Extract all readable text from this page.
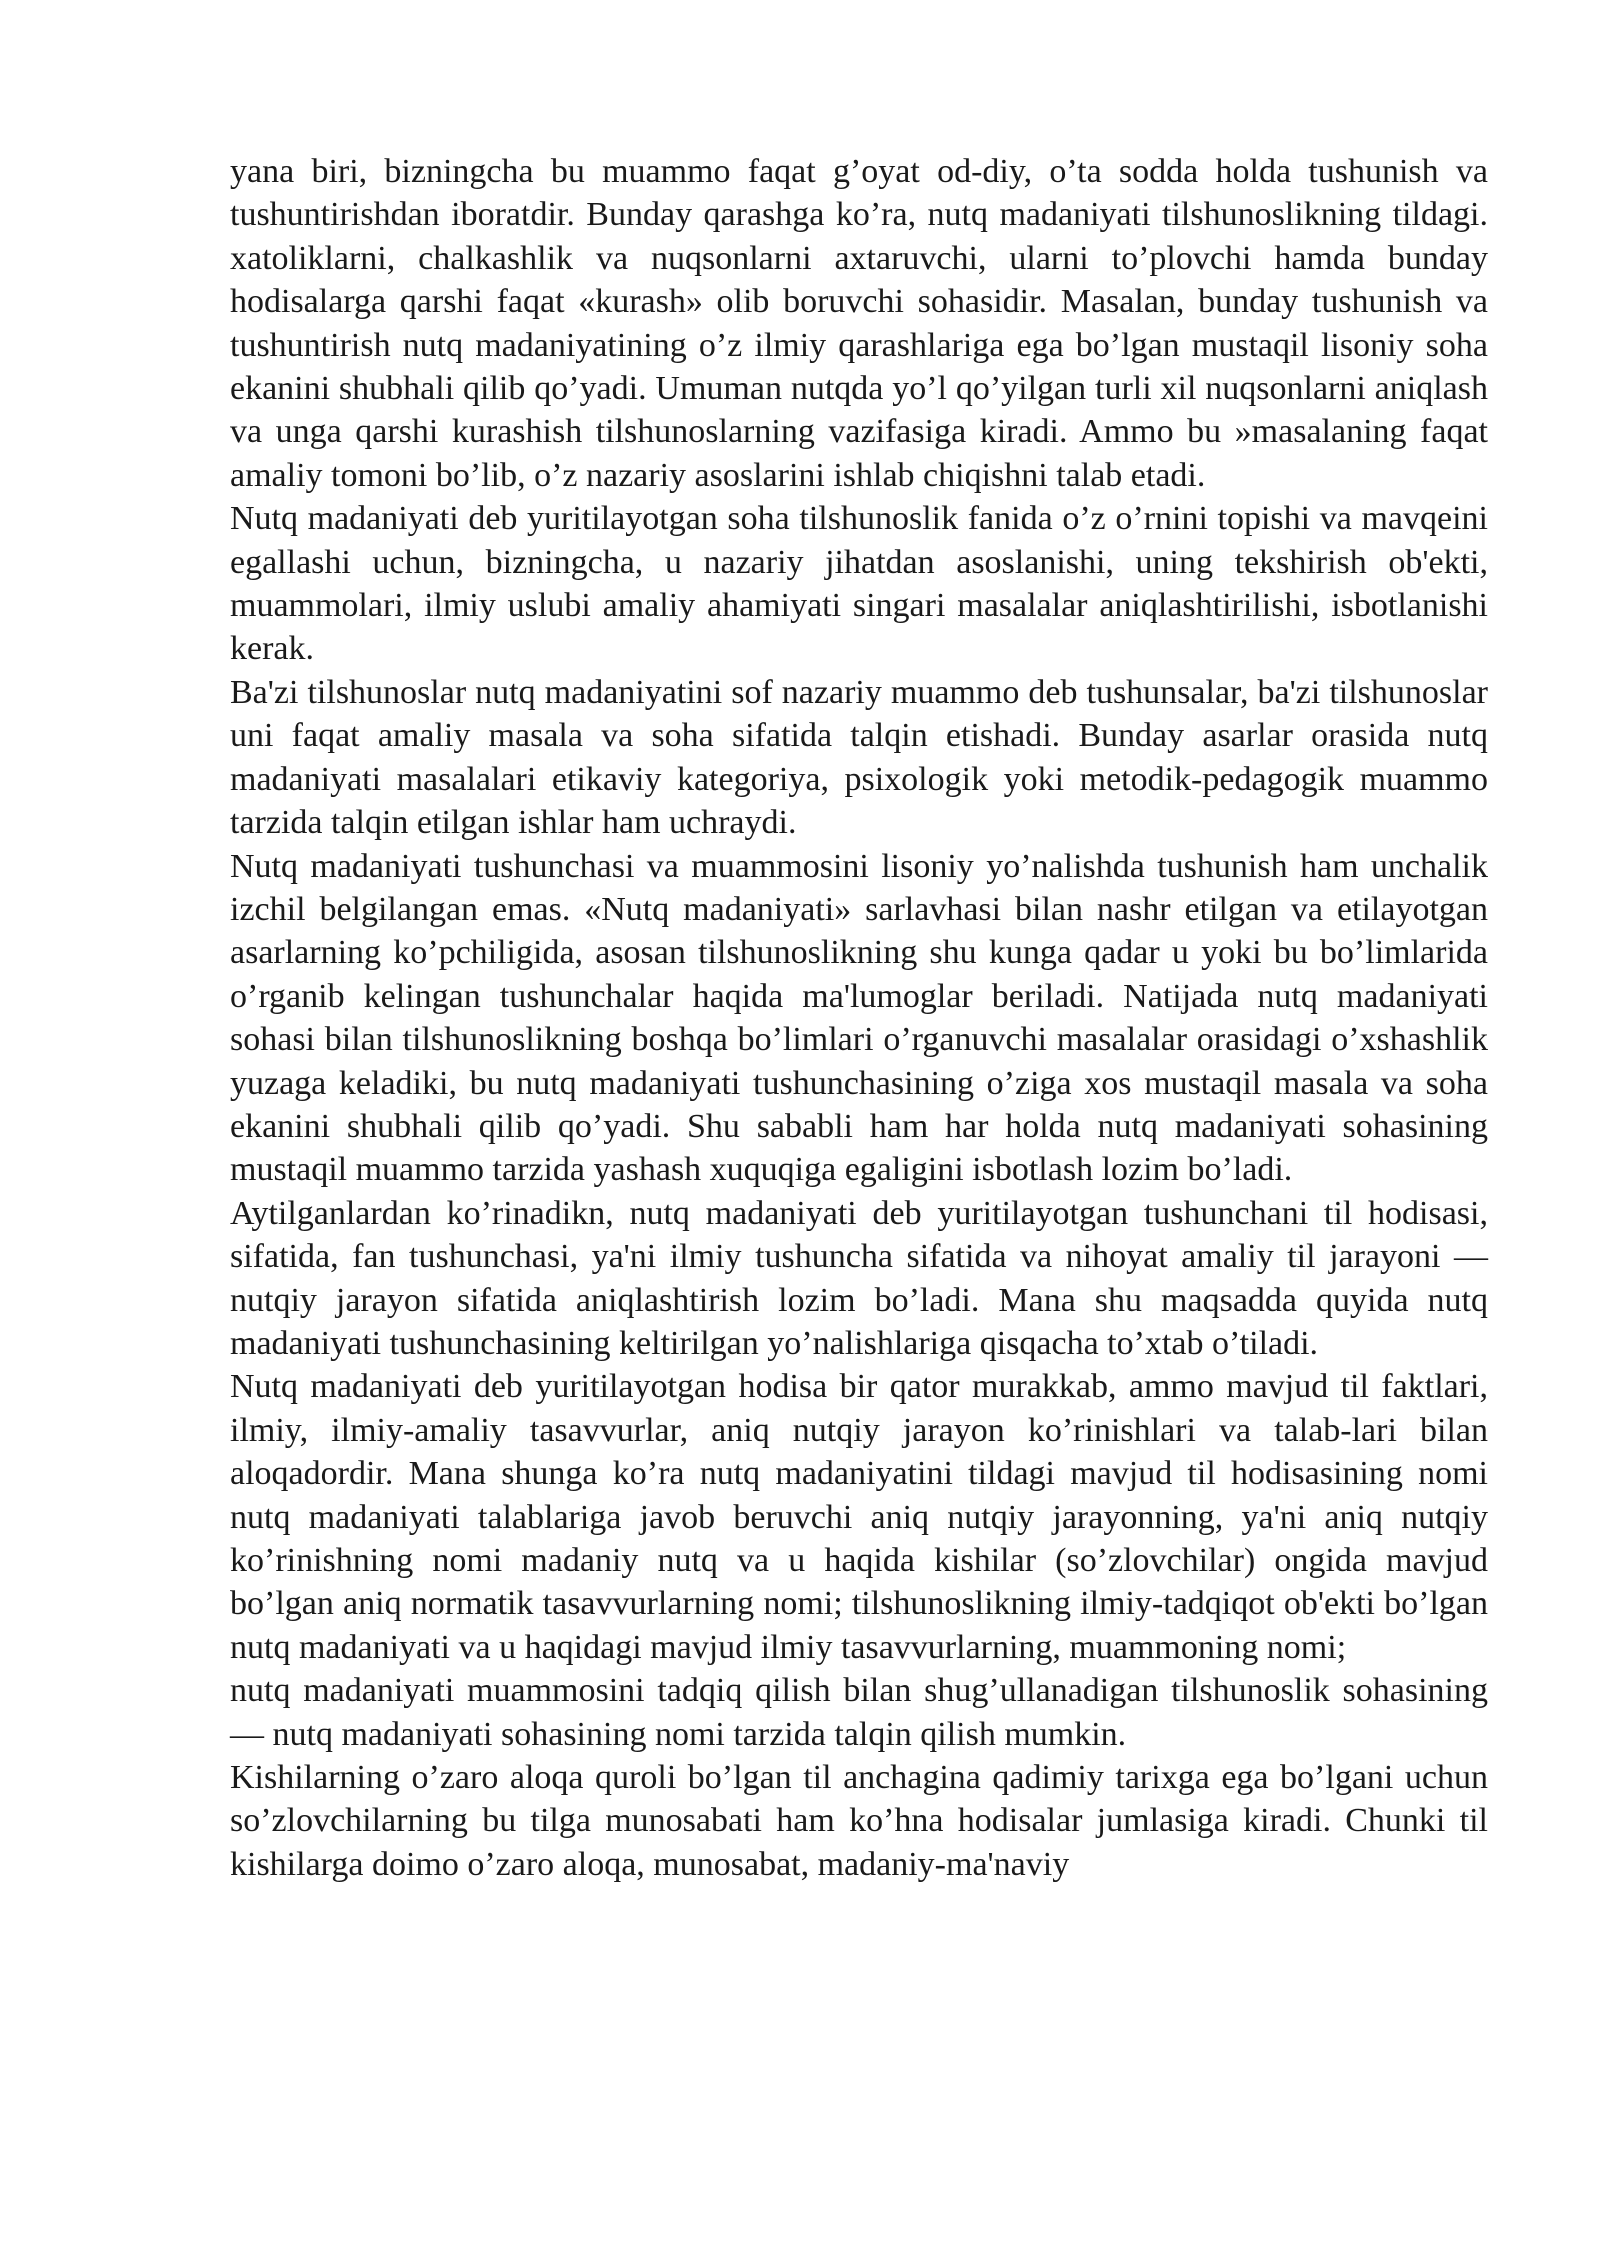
yana biri, bizningcha bu muammo faqat g’oyat od-diy, o’ta sodda holda tushunish va tushuntirishdan iboratdir. Bunday qarashga ko’ra, nutq madaniyati tilshunoslikning tildagi. xatoliklarni, chalkashlik va nuqsonlarni axtaruvchi, ularni to’plovchi hamda bunday hodisalarga qarshi faqat «kurash» olib boruvchi sohasidir. Masalan, bunday tushunish va tushuntirish nutq madaniyatining o’z ilmiy qarashlariga ega bo’lgan mustaqil lisoniy soha ekanini shubhali qilib qo’yadi. Umuman nutqda yo’l qo’yilgan turli xil nuqsonlarni aniqlash va unga qarshi kurashish tilshunoslarning vazifasiga kiradi. Ammo bu »masalaning faqat amaliy tomoni bo’lib, o’z nazariy asoslarini ishlab chiqishni talab etadi.

Nutq madaniyati deb yuritilayotgan soha tilshunoslik fanida o’z o’rnini topishi va mavqeini egallashi uchun, bizningcha, u nazariy jihatdan asoslanishi, uning tekshirish ob'ekti, muammolari, ilmiy uslubi amaliy ahamiyati singari masalalar aniqlashtirilishi, isbotlanishi kerak.

Ba'zi tilshunoslar nutq madaniyatini sof nazariy muammo deb tushunsalar, ba'zi tilshunoslar uni faqat amaliy masala va soha sifatida talqin etishadi. Bunday asarlar orasida nutq madaniyati masalalari etikaviy kategoriya, psixologik yoki metodik-pedagogik muammo tarzida talqin etilgan ishlar ham uchraydi.

Nutq madaniyati tushunchasi va muammosini lisoniy yo’nalishda tushunish ham unchalik izchil belgilangan emas. «Nutq madaniyati» sarlavhasi bilan nashr etilgan va etilayotgan asarlarning ko’pchiligida, asosan tilshunoslikning shu kunga qadar u yoki bu bo’limlarida o’rganib kelingan tushunchalar haqida ma'lumoglar beriladi. Natijada nutq madaniyati sohasi bilan tilshunoslikning boshqa bo’limlari o’rganuvchi masalalar orasidagi o’xshashlik yuzaga keladiki, bu nutq madaniyati tushunchasining o’ziga xos mustaqil masala va soha ekanini shubhali qilib qo’yadi. Shu sababli ham har holda nutq madaniyati sohasining mustaqil muammo tarzida yashash xuquqiga egaligini isbotlash lozim bo’ladi.

Aytilganlardan ko’rinadikn, nutq madaniyati deb yuritilayotgan tushunchani til hodisasi, sifatida, fan tushunchasi, ya'ni ilmiy tushuncha sifatida va nihoyat amaliy til jarayoni — nutqiy jarayon sifatida aniqlashtirish lozim bo’ladi. Mana shu maqsadda quyida nutq madaniyati tushunchasining keltirilgan yo’nalishlariga qisqacha to’xtab o’tiladi.

Nutq madaniyati deb yuritilayotgan hodisa bir qator murakkab, ammo mavjud til faktlari, ilmiy, ilmiy-amaliy tasavvurlar, aniq nutqiy jarayon ko’rinishlari va talab-lari bilan aloqadordir. Mana shunga ko’ra nutq madaniyatini tildagi mavjud til hodisasining nomi nutq madaniyati talablariga javob beruvchi aniq nutqiy jarayonning, ya'ni aniq nutqiy ko’rinishning nomi madaniy nutq va u haqida kishilar (so’zlovchilar) ongida mavjud bo’lgan aniq normatik tasavvurlarning nomi; tilshunoslikning ilmiy-tadqiqot ob'ekti bo’lgan nutq madaniyati va u haqidagi mavjud ilmiy tasavvurlarning, muammoning nomi;

nutq madaniyati muammosini tadqiq qilish bilan shug’ullanadigan tilshunoslik sohasining — nutq madaniyati sohasining nomi tarzida talqin qilish mumkin.

Kishilarning o’zaro aloqa quroli bo’lgan til anchagina qadimiy tarixga ega bo’lgani uchun so’zlovchilarning bu tilga munosabati ham ko’hna hodisalar jumlasiga kiradi. Chunki til kishilarga doimo o’zaro aloqa, munosabat, madaniy-ma'naviy
